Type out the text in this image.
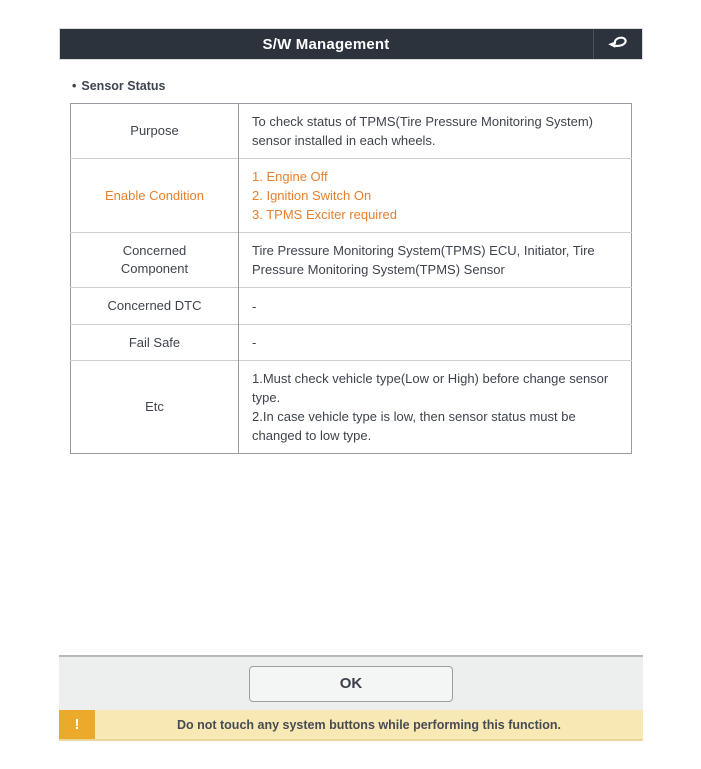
S/W Management
• Sensor Status
Purpose	To check status of TPMS(Tire Pressure Monitoring System) sensor installed in each wheels.
Enable Condition	1. Engine Off
2. Ignition Switch On
3. TPMS Exciter required

Concerned Component	Tire Pressure Monitoring System(TPMS) ECU, Initiator, Tire Pressure Monitoring System(TPMS) Sensor
Concerned DTC	-
Fail Safe	-
Etc	1.Must check vehicle type(Low or High) before change sensor type.
2.In case vehicle type is low, then sensor status must be changed to low type.
OK
!	Do not touch any system buttons while performing this function.
